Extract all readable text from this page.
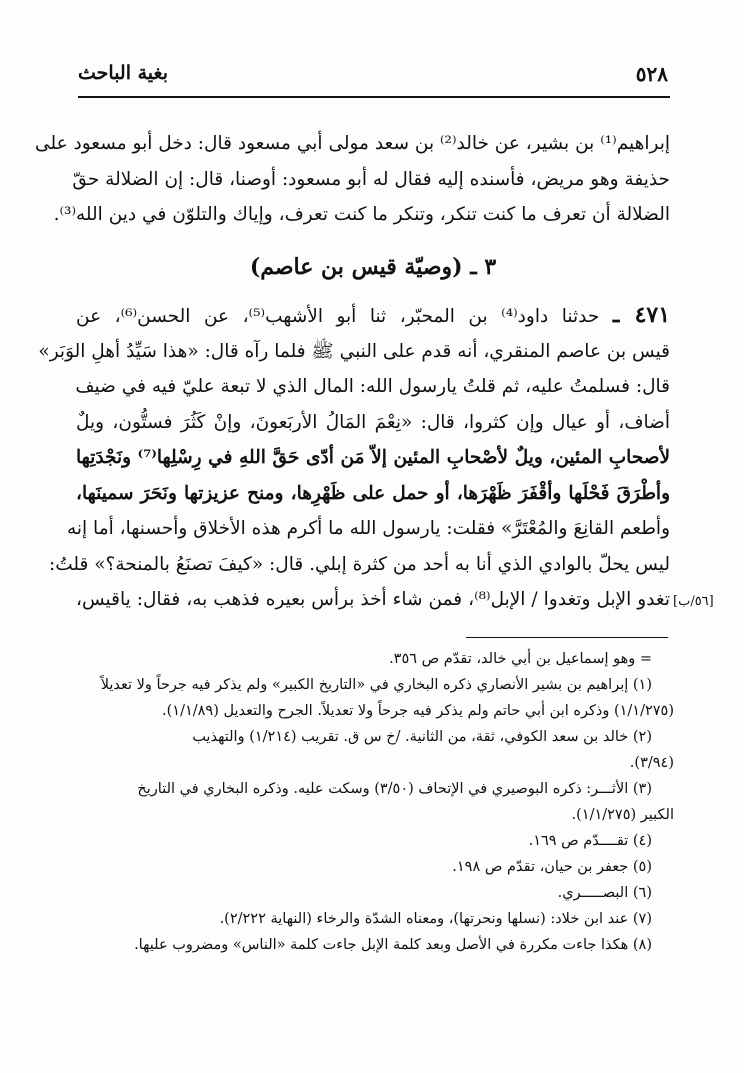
٥٢٨
بغية الباحث
إبراهيم⁽¹⁾ بن بشير، عن خالد⁽²⁾ بن سعد مولى أبي مسعود قال: دخل أبو مسعود على
حذيفة وهو مريض، فأسنده إليه فقال له أبو مسعود: أوصنا، قال: إن الضلالة حقّ
الضلالة أن تعرف ما كنت تنكر، وتنكر ما كنت تعرف، وإياك والتلوّن في دين الله⁽³⁾.
٣ ـ (وصيّة قيس بن عاصم)
٤٧١ ـ حدثنا داود⁽⁴⁾ بن المحبّر، ثنا أبو الأشهب⁽⁵⁾، عن الحسن⁽⁶⁾، عن
قيس بن عاصم المنقري، أنه قدم على النبي ﷺ فلما رآه قال: «هذا سَيِّدُ أهلِ الوَبَر»
قال: فسلمتُ عليه، ثم قلتُ يارسول الله: المال الذي لا تبعة عليّ فيه في ضيف
أضاف، أو عيال وإن كثروا، قال: «نِعْمَ المَالُ الأربَعونَ، وإنْ كَثُرَ فستُّون، ويلٌ
لأصحابِ المئين، ويلٌ لأصْحابِ المئين إلاّ مَن أدّى حَقَّ اللهِ في رِسْلِها⁽⁷⁾ ونَجْدَتِها
وأطْرَقَ فَحْلَها وأقْفَرَ ظَهْرَها، أو حمل على ظَهْرِها، ومنح عزيزتها ونَحَرَ سمينَها،
وأطعم القانِعَ والمُعْتَرَّ» فقلت: يارسول الله ما أكرم هذه الأخلاق وأحسنها، أما إنه
ليس يحلّ بالوادي الذي أنا به أحد من كثرة إبلي. قال: «كيفَ تصنَعُ بالمنحة؟» قلتُ:
تغدو الإبل وتغدوا / الإبل⁽⁸⁾، فمن شاء أخذ برأس بعيره فذهب به، فقال: ياقيس، [٥٦/ب]
= وهو إسماعيل بن أبي خالد، تقدّم ص ٣٥٦.
(١) إبراهيم بن بشير الأنصاري ذكره البخاري في «التاريخ الكبير» ولم يذكر فيه جرحاً ولا تعديلاً
(١/١/٢٧٥) وذكره ابن أبي حاتم ولم يذكر فيه جرحاً ولا تعديلاً. الجرح والتعديل (١/١/٨٩).
(٢) خالد بن سعد الكوفي، ثقة، من الثانية. /خ س ق. تقريب (١/٢١٤) والتهذيب
(٣/٩٤).
(٣) الأثـــر: ذكره البوصيري في الإتحاف (٣/٥٠) وسكت عليه. وذكره البخاري في التاريخ
الكبير (١/١/٢٧٥).
(٤) تقــــدّم ص ١٦٩.
(٥) جعفر بن حيان، تقدّم ص ١٩٨.
(٦) البصـــــري.
(٧) عند ابن خلاد: (نسلها ونحرتها)، ومعناه الشدّة والرخاء (النهاية ٢/٢٢٢).
(٨) هكذا جاءت مكررة في الأصل وبعد كلمة الإبل جاءت كلمة «الناس» ومضروب عليها.
